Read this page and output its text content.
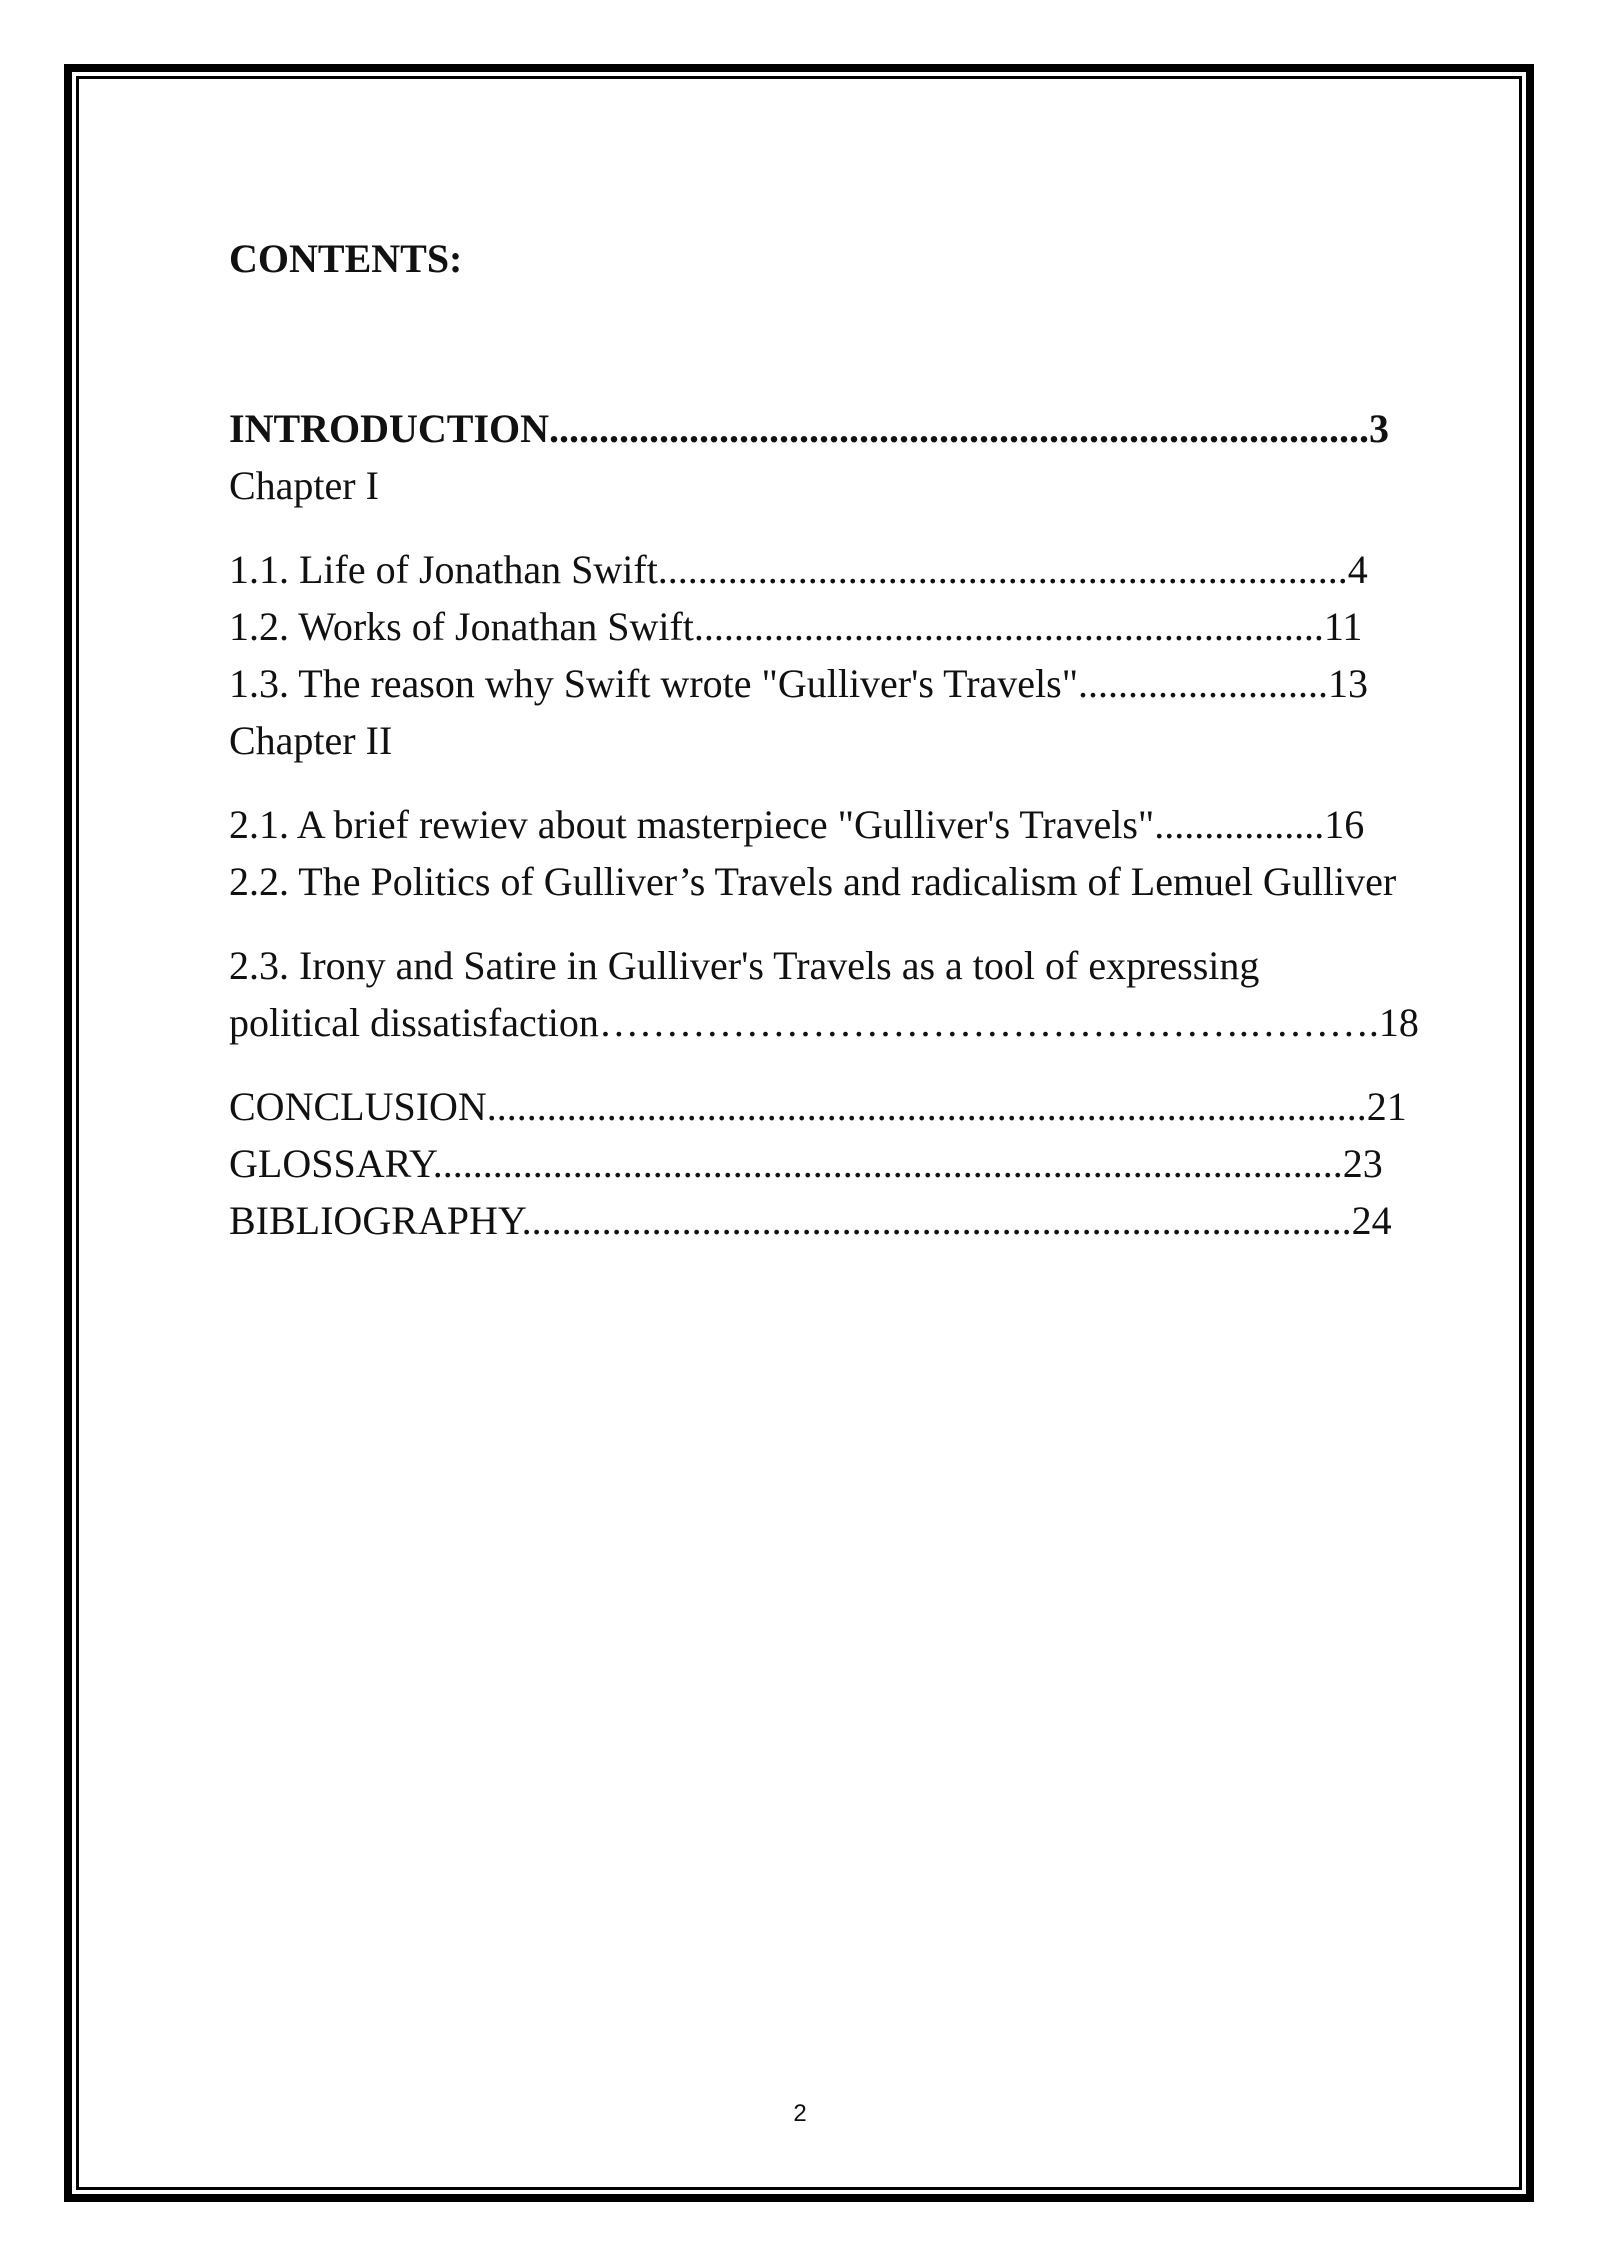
CONTENTS:
INTRODUCTION..................................................................................3
Chapter I
1.1. Life of Jonathan Swift.....................................................................4
1.2. Works of Jonathan Swift...............................................................11
1.3. The reason why Swift wrote "Gulliver's Travels".........................13
Chapter II
2.1. A brief rewiev about masterpiece "Gulliver's Travels".................16
2.2. The Politics of Gulliver’s Travels and radicalism of Lemuel Gulliver
2.3. Irony and Satire in Gulliver's Travels as a tool of expressing
political dissatisfaction………………………………………….……….18
CONCLUSION........................................................................................21
GLOSSARY...........................................................................................23
BIBLIOGRAPHY...................................................................................24
2
